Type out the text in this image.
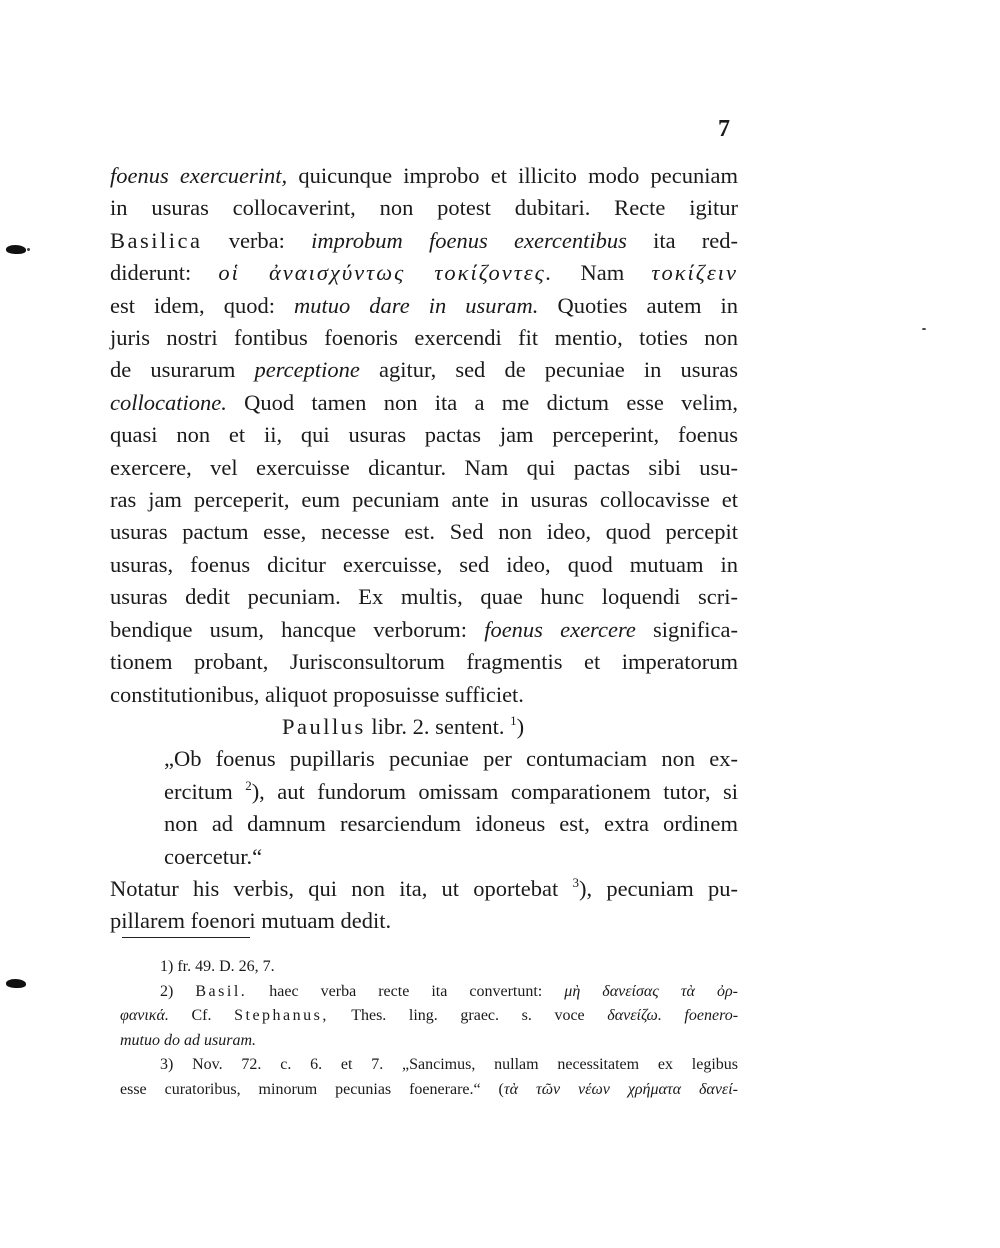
7
foenus exercuerint, quicunque improbo et illicito modo pecuniam
in usuras collocaverint, non potest dubitari. Recte igitur
Basilica verba: improbum foenus exercentibus ita red-
diderunt: οἱ ἀναισχύντως τοκίζοντες. Nam τοκίζειν
est idem, quod: mutuo dare in usuram. Quoties autem in
juris nostri fontibus foenoris exercendi fit mentio, toties non
de usurarum perceptione agitur, sed de pecuniae in usuras
collocatione. Quod tamen non ita a me dictum esse velim,
quasi non et ii, qui usuras pactas jam perceperint, foenus
exercere, vel exercuisse dicantur. Nam qui pactas sibi usu-
ras jam perceperit, eum pecuniam ante in usuras collocavisse et
usuras pactum esse, necesse est. Sed non ideo, quod percepit
usuras, foenus dicitur exercuisse, sed ideo, quod mutuam in
usuras dedit pecuniam. Ex multis, quae hunc loquendi scri-
bendique usum, hancque verborum: foenus exercere significa-
tionem probant, Jurisconsultorum fragmentis et imperatorum
constitutionibus, aliquot proposuisse sufficiet.
Paullus libr. 2. sentent. $^1$)
„Ob foenus pupillaris pecuniae per contumaciam non ex-
ercitum $^2$), aut fundorum omissam comparationem tutor, si
non ad damnum resarciendum idoneus est, extra ordinem
coercetur.“
Notatur his verbis, qui non ita, ut oportebat $^3$), pecuniam pu-
pillarem foenori mutuam dedit.
1) fr. 49. D. 26, 7.
2) Basil. haec verba recte ita convertunt: μὴ δανείσας τὰ ὀρ-
φανικά. Cf. Stephanus, Thes. ling. graec. s. voce δανείζω. foenero-
mutuo do ad usuram.
3) Nov. 72. c. 6. et 7. „Sancimus, nullam necessitatem ex legibus
esse curatoribus, minorum pecunias foenerare.“ (τὰ τῶν νέων χρήματα δανεί-
